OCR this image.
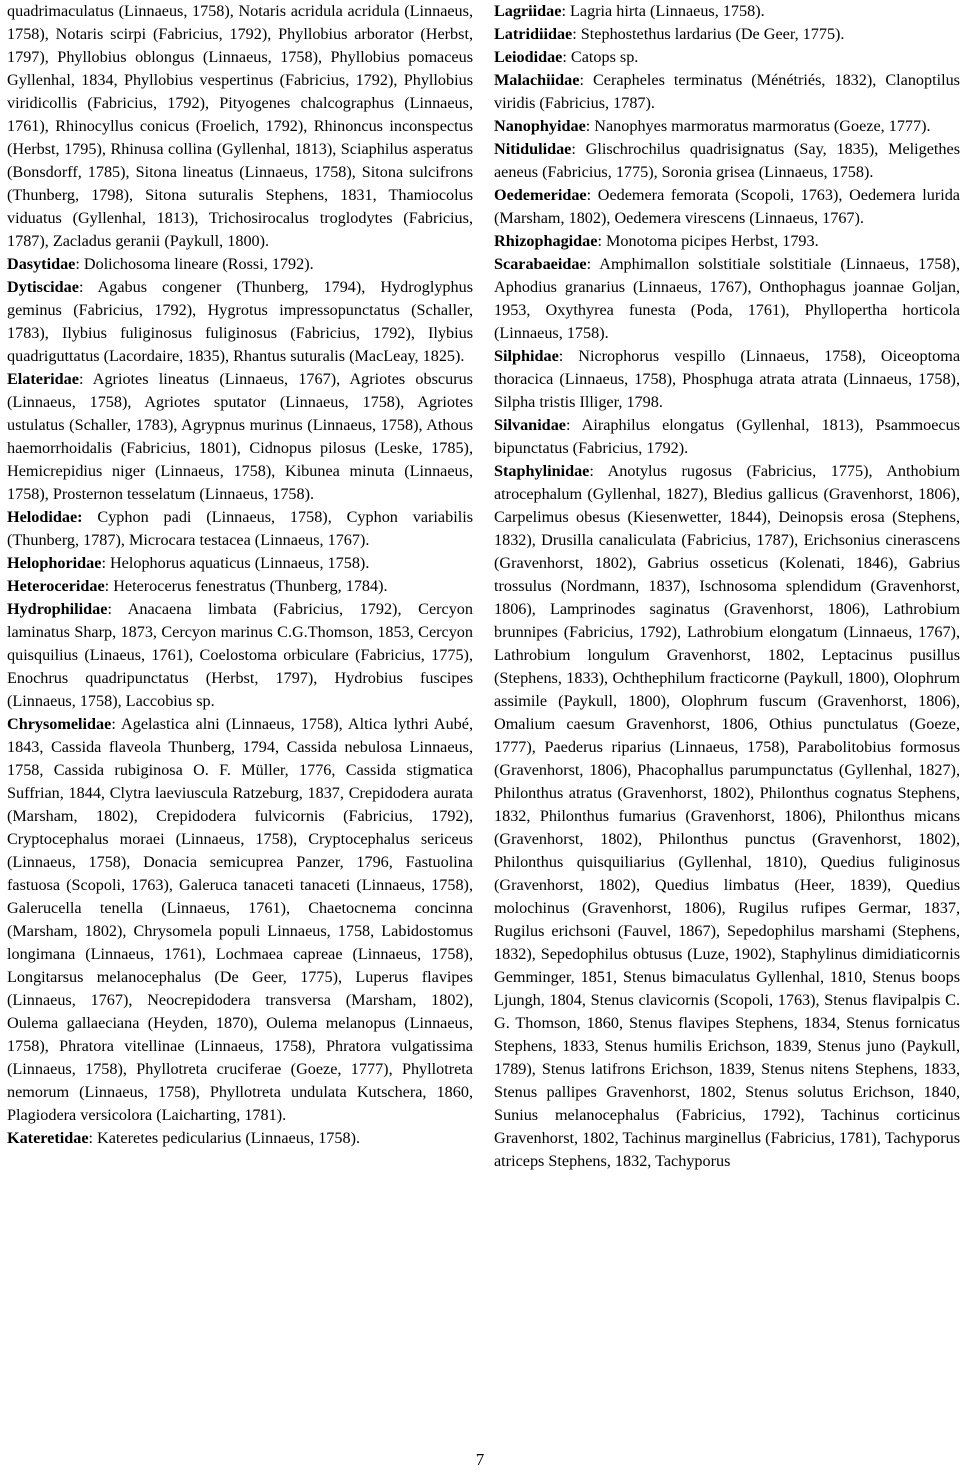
quadrimaculatus (Linnaeus, 1758), Notaris acridula acridula (Linnaeus, 1758), Notaris scirpi (Fabricius, 1792), Phyllobius arborator (Herbst, 1797), Phyllobius oblongus (Linnaeus, 1758), Phyllobius pomaceus Gyllenhal, 1834, Phyllobius vespertinus (Fabricius, 1792), Phyllobius viridicollis (Fabricius, 1792), Pityogenes chalcographus (Linnaeus, 1761), Rhinocyllus conicus (Froelich, 1792), Rhinoncus inconspectus (Herbst, 1795), Rhinusa collina (Gyllenhal, 1813), Sciaphilus asperatus (Bonsdorff, 1785), Sitona lineatus (Linnaeus, 1758), Sitona sulcifrons (Thunberg, 1798), Sitona suturalis Stephens, 1831, Thamiocolus viduatus (Gyllenhal, 1813), Trichosirocalus troglodytes (Fabricius, 1787), Zacladus geranii (Paykull, 1800).

Dasytidae: Dolichosoma lineare (Rossi, 1792).

Dytiscidae: Agabus congener (Thunberg, 1794), Hydroglyphus geminus (Fabricius, 1792), Hygrotus impressopunctatus (Schaller, 1783), Ilybius fuliginosus fuliginosus (Fabricius, 1792), Ilybius quadriguttatus (Lacordaire, 1835), Rhantus suturalis (MacLeay, 1825).

Elateridae: Agriotes lineatus (Linnaeus, 1767), Agriotes obscurus (Linnaeus, 1758), Agriotes sputator (Linnaeus, 1758), Agriotes ustulatus (Schaller, 1783), Agrypnus murinus (Linnaeus, 1758), Athous haemorrhoidalis (Fabricius, 1801), Cidnopus pilosus (Leske, 1785), Hemicrepidius niger (Linnaeus, 1758), Kibunea minuta (Linnaeus, 1758), Prosternon tesselatum (Linnaeus, 1758).

Helodidae: Cyphon padi (Linnaeus, 1758), Cyphon variabilis (Thunberg, 1787), Microcara testacea (Linnaeus, 1767).

Helophoridae: Helophorus aquaticus (Linnaeus, 1758).

Heteroceridae: Heterocerus fenestratus (Thunberg, 1784).

Hydrophilidae: Anacaena limbata (Fabricius, 1792), Cercyon laminatus Sharp, 1873, Cercyon marinus C.G.Thomson, 1853, Cercyon quisquilius (Linaeus, 1761), Coelostoma orbiculare (Fabricius, 1775), Enochrus quadripunctatus (Herbst, 1797), Hydrobius fuscipes (Linnaeus, 1758), Laccobius sp.

Chrysomelidae: Agelastica alni (Linnaeus, 1758), Altica lythri Aubé, 1843, Cassida flaveola Thunberg, 1794, Cassida nebulosa Linnaeus, 1758, Cassida rubiginosa O. F. Müller, 1776, Cassida stigmatica Suffrian, 1844, Clytra laeviuscula Ratzeburg, 1837, Crepidodera aurata (Marsham, 1802), Crepidodera fulvicornis (Fabricius, 1792), Cryptocephalus moraei (Linnaeus, 1758), Cryptocephalus sericeus (Linnaeus, 1758), Donacia semicuprea Panzer, 1796, Fastuolina fastuosa (Scopoli, 1763), Galeruca tanaceti tanaceti (Linnaeus, 1758), Galerucella tenella (Linnaeus, 1761), Chaetocnema concinna (Marsham, 1802), Chrysomela populi Linnaeus, 1758, Labidostomus longimana (Linnaeus, 1761), Lochmaea capreae (Linnaeus, 1758), Longitarsus melanocephalus (De Geer, 1775), Luperus flavipes (Linnaeus, 1767), Neocrepidodera transversa (Marsham, 1802), Oulema gallaeciana (Heyden, 1870), Oulema melanopus (Linnaeus, 1758), Phratora vitellinae (Linnaeus, 1758), Phratora vulgatissima (Linnaeus, 1758), Phyllotreta cruciferae (Goeze, 1777), Phyllotreta nemorum (Linnaeus, 1758), Phyllotreta undulata Kutschera, 1860, Plagiodera versicolora (Laicharting, 1781).

Kateretidae: Kateretes pedicularius (Linnaeus, 1758).

Lagriidae: Lagria hirta (Linnaeus, 1758).

Latridiidae: Stephostethus lardarius (De Geer, 1775).

Leiodidae: Catops sp.

Malachiidae: Cerapheles terminatus (Ménétriés, 1832), Clanoptilus viridis (Fabricius, 1787).

Nanophyidae: Nanophyes marmoratus marmoratus (Goeze, 1777).

Nitidulidae: Glischrochilus quadrisignatus (Say, 1835), Meligethes aeneus (Fabricius, 1775), Soronia grisea (Linnaeus, 1758).

Oedemeridae: Oedemera femorata (Scopoli, 1763), Oedemera lurida (Marsham, 1802), Oedemera virescens (Linnaeus, 1767).

Rhizophagidae: Monotoma picipes Herbst, 1793.

Scarabaeidae: Amphimallon solstitiale solstitiale (Linnaeus, 1758), Aphodius granarius (Linnaeus, 1767), Onthophagus joannae Goljan, 1953, Oxythyrea funesta (Poda, 1761), Phyllopertha horticola (Linnaeus, 1758).

Silphidae: Nicrophorus vespillo (Linnaeus, 1758), Oiceoptoma thoracica (Linnaeus, 1758), Phosphuga atrata atrata (Linnaeus, 1758), Silpha tristis Illiger, 1798.

Silvanidae: Airaphilus elongatus (Gyllenhal, 1813), Psammoecus bipunctatus (Fabricius, 1792).

Staphylinidae: Anotylus rugosus (Fabricius, 1775), Anthobium atrocephalum (Gyllenhal, 1827), Bledius gallicus (Gravenhorst, 1806), Carpelimus obesus (Kiesenwetter, 1844), Deinopsis erosa (Stephens, 1832), Drusilla canaliculata (Fabricius, 1787), Erichsonius cinerascens (Gravenhorst, 1802), Gabrius osseticus (Kolenati, 1846), Gabrius trossulus (Nordmann, 1837), Ischnosoma splendidum (Gravenhorst, 1806), Lamprinodes saginatus (Gravenhorst, 1806), Lathrobium brunnipes (Fabricius, 1792), Lathrobium elongatum (Linnaeus, 1767), Lathrobium longulum Gravenhorst, 1802, Leptacinus pusillus (Stephens, 1833), Ochthephilum fracticorne (Paykull, 1800), Olophrum assimile (Paykull, 1800), Olophrum fuscum (Gravenhorst, 1806), Omalium caesum Gravenhorst, 1806, Othius punctulatus (Goeze, 1777), Paederus riparius (Linnaeus, 1758), Parabolitobius formosus (Gravenhorst, 1806), Phacophallus parumpunctatus (Gyllenhal, 1827), Philonthus atratus (Gravenhorst, 1802), Philonthus cognatus Stephens, 1832, Philonthus fumarius (Gravenhorst, 1806), Philonthus micans (Gravenhorst, 1802), Philonthus punctus (Gravenhorst, 1802), Philonthus quisquiliarius (Gyllenhal, 1810), Quedius fuliginosus (Gravenhorst, 1802), Quedius limbatus (Heer, 1839), Quedius molochinus (Gravenhorst, 1806), Rugilus rufipes Germar, 1837, Rugilus erichsoni (Fauvel, 1867), Sepedophilus marshami (Stephens, 1832), Sepedophilus obtusus (Luze, 1902), Staphylinus dimidiaticornis Gemminger, 1851, Stenus bimaculatus Gyllenhal, 1810, Stenus boops Ljungh, 1804, Stenus clavicornis (Scopoli, 1763), Stenus flavipalpis C. G. Thomson, 1860, Stenus flavipes Stephens, 1834, Stenus fornicatus Stephens, 1833, Stenus humilis Erichson, 1839, Stenus juno (Paykull, 1789), Stenus latifrons Erichson, 1839, Stenus nitens Stephens, 1833, Stenus pallipes Gravenhorst, 1802, Stenus solutus Erichson, 1840, Sunius melanocephalus (Fabricius, 1792), Tachinus corticinus Gravenhorst, 1802, Tachinus marginellus (Fabricius, 1781), Tachyporus atriceps Stephens, 1832, Tachyporus

7
